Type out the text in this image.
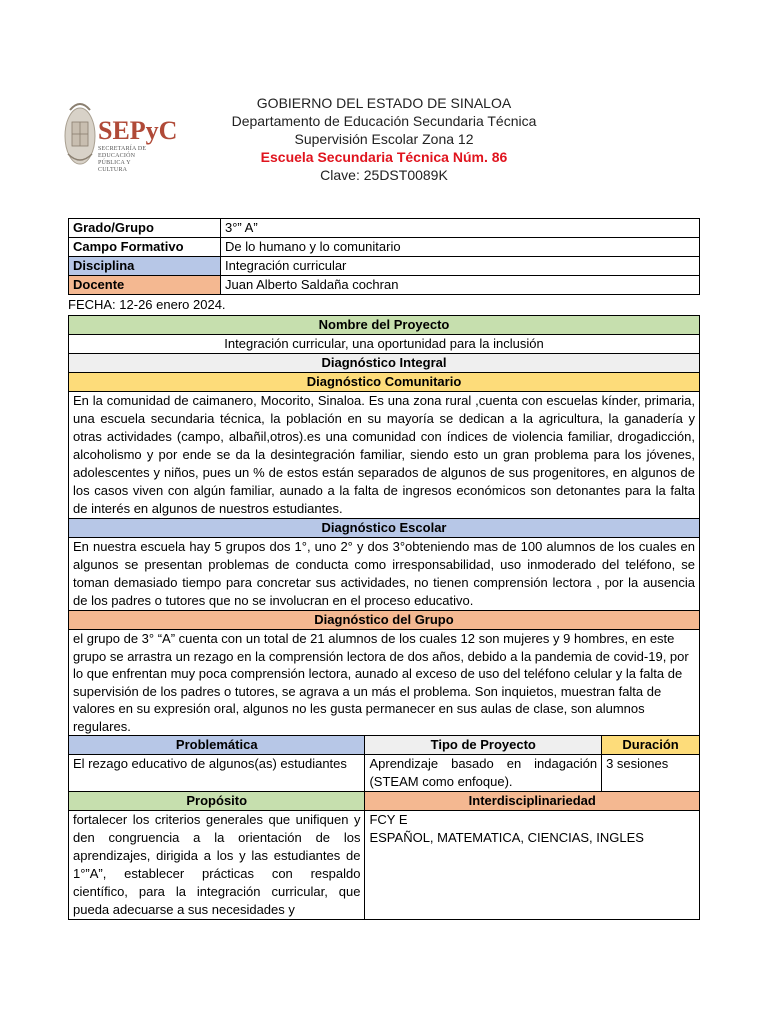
SEPyC
SECRETARÍA DE EDUCACIÓN PÚBLICA Y CULTURA
GOBIERNO DEL ESTADO DE SINALOA
Departamento de Educación Secundaria Técnica
Supervisión Escolar Zona 12
Escuela Secundaria Técnica Núm. 86
Clave: 25DST0089K
Grado/Grupo	3°” A”
Campo Formativo	De lo humano y lo comunitario
Disciplina	Integración curricular
Docente	Juan Alberto Saldaña cochran
FECHA: 12-26 enero 2024.
Nombre del Proyecto		
Integración curricular, una oportunidad para la inclusión		
Diagnóstico Integral		
Diagnóstico Comunitario		
En la comunidad de caimanero, Mocorito, Sinaloa. Es una zona rural ,cuenta con escuelas kínder, primaria, una escuela secundaria técnica, la población en su mayoría se dedican a la agricultura, la ganadería y otras actividades (campo, albañil,otros).es una comunidad con índices de violencia familiar, drogadicción, alcoholismo y por ende se da la desintegración familiar, siendo esto un gran problema para los jóvenes, adolescentes y niños, pues un % de estos están separados de algunos de sus progenitores, en algunos de los casos viven con algún familiar, aunado a la falta de ingresos económicos son detonantes para la falta de interés en algunos de nuestros estudiantes.		
Diagnóstico Escolar		
En nuestra escuela hay 5 grupos dos 1°, uno 2° y dos 3°obteniendo mas de 100 alumnos de los cuales en algunos se presentan problemas de conducta como irresponsabilidad, uso inmoderado del teléfono, se toman demasiado tiempo para concretar sus actividades, no tienen comprensión lectora , por la ausencia de los padres o tutores que no se involucran en el proceso educativo.		
Diagnóstico del Grupo		
el grupo de 3° “A” cuenta con un total de 21 alumnos de los cuales 12 son mujeres y 9 hombres, en este grupo se arrastra un rezago en la comprensión lectora de dos años, debido a la pandemia de covid-19, por lo que enfrentan muy poca comprensión lectora, aunado al exceso de uso del teléfono celular y la falta de supervisión de los padres o tutores, se agrava a un más el problema. Son inquietos, muestran falta de valores en su expresión oral, algunos no les gusta permanecer en sus aulas de clase, son alumnos regulares.		
Problemática	Tipo de Proyecto	Duración
El rezago educativo de algunos(as) estudiantes	Aprendizaje basado en indagación (STEAM como enfoque).	3 sesiones
Propósito	Interdisciplinariedad	
fortalecer los criterios generales que unifiquen y den congruencia a la orientación de los aprendizajes, dirigida a los y las estudiantes de 1°”A”, establecer prácticas con respaldo científico, para la integración curricular, que pueda adecuarse a sus necesidades y	FCY E
ESPAÑOL, MATEMATICA, CIENCIAS, INGLES	
